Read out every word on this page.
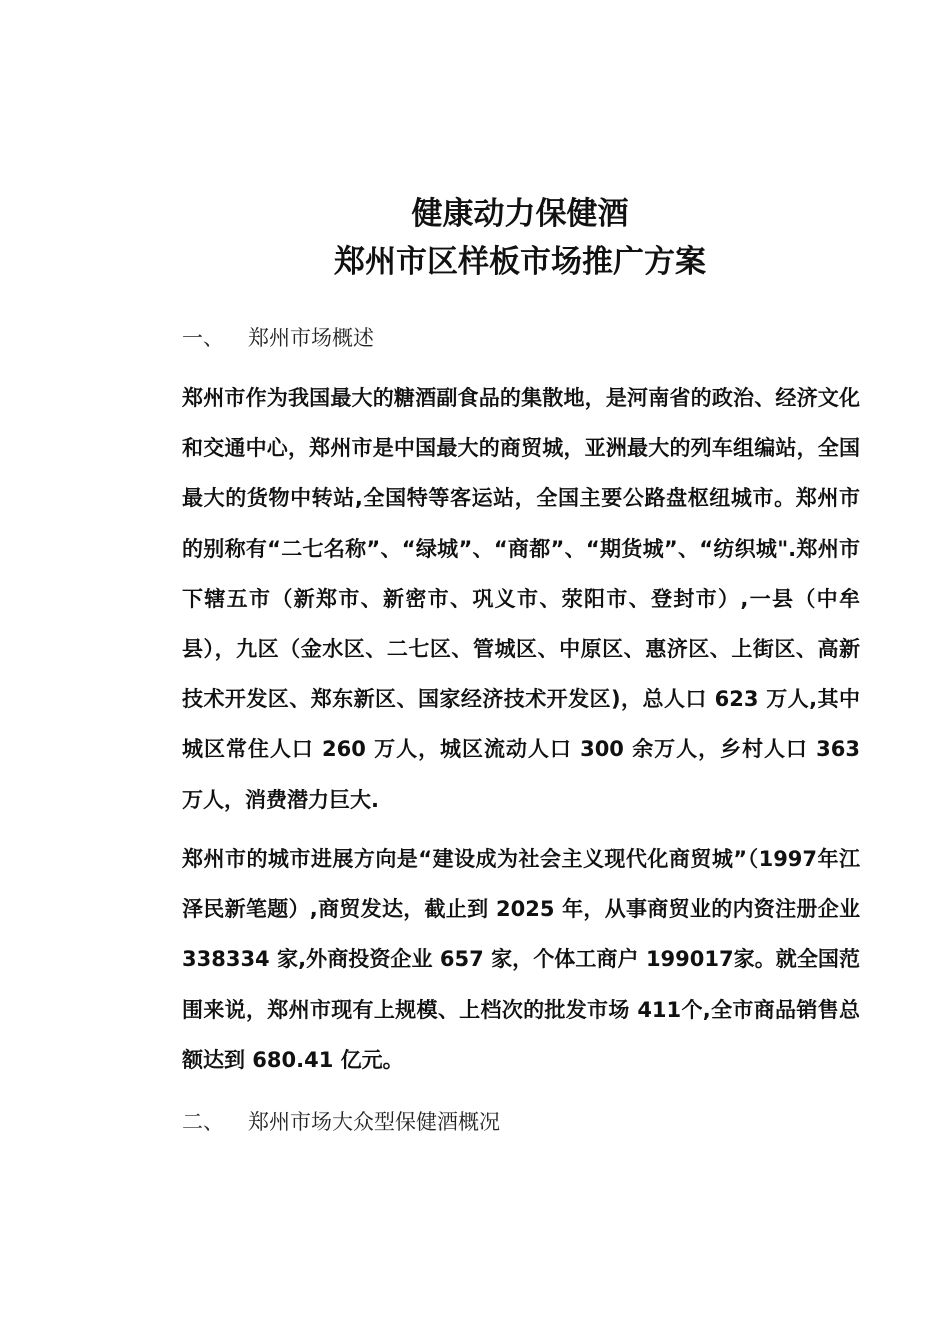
健康动力保健酒
郑州市区样板市场推广方案
一、 郑州市场概述

郑州市作为我国最大的糖酒副食品的集散地，是河南省的政治、经济文化和交通中心，郑州市是中国最大的商贸城，亚洲最大的列车组编站，全国最大的货物中转站,全国特等客运站，全国主要公路盘枢纽城市。郑州市的别称有“二七名称”、“绿城”、“商都”、“期货城”、“纺织城".郑州市下辖五市（新郑市、新密市、巩义市、荥阳市、登封市）,一县（中牟县），九区（金水区、二七区、管城区、中原区、惠济区、上街区、高新技术开发区、郑东新区、国家经济技术开发区)，总人口 623 万人,其中城区常住人口 260 万人，城区流动人口 300 余万人，乡村人口 363 万人，消费潜力巨大.

郑州市的城市进展方向是“建设成为社会主义现代化商贸城”（1997年江泽民新笔题）,商贸发达，截止到 2025 年，从事商贸业的内资注册企业 338334 家,外商投资企业 657 家，个体工商户 199017家。就全国范围来说，郑州市现有上规模、上档次的批发市场 411个,全市商品销售总额达到 680.41 亿元。

二、 郑州市场大众型保健酒概况
